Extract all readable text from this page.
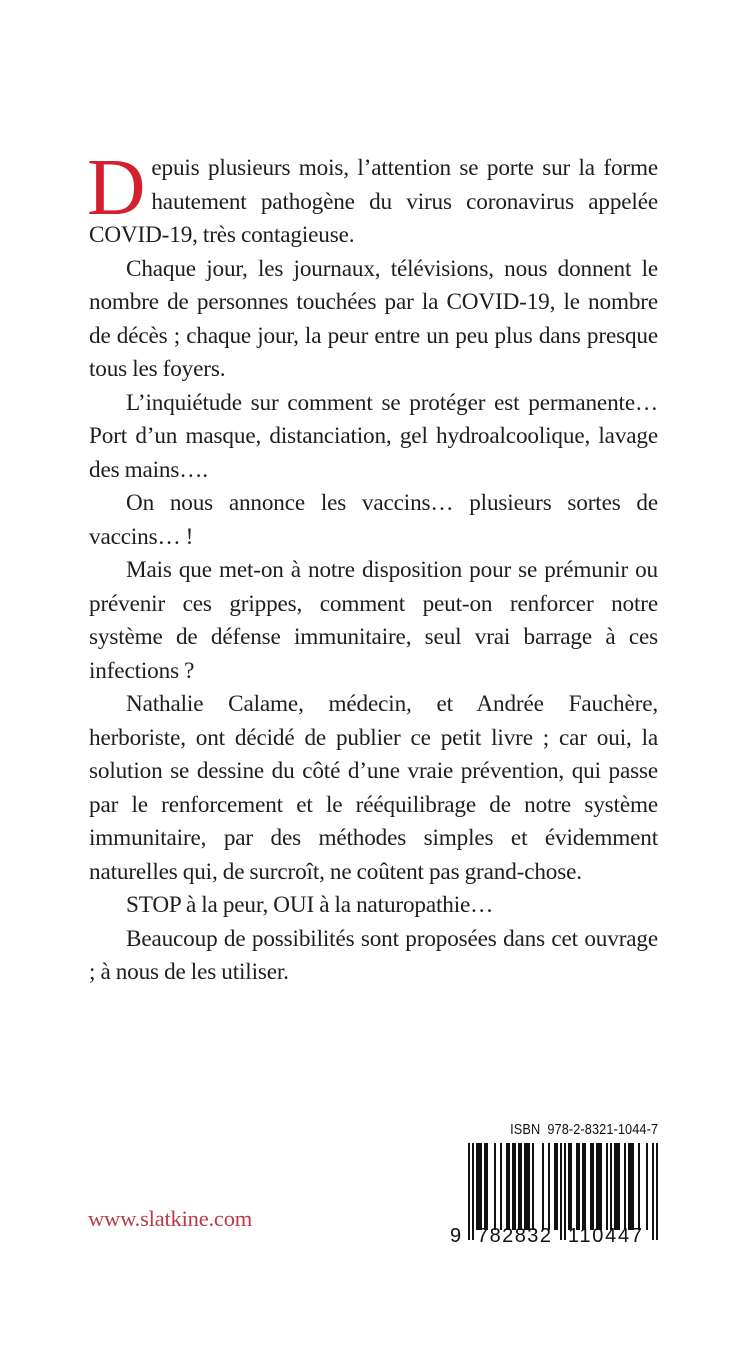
Depuis plusieurs mois, l’attention se porte sur la forme hautement pathogène du virus coronavirus appelée COVID-19, très contagieuse.

Chaque jour, les journaux, télévisions, nous donnent le nombre de personnes touchées par la COVID-19, le nombre de décès ; chaque jour, la peur entre un peu plus dans presque tous les foyers.

L’inquiétude sur comment se protéger est permanente… Port d’un masque, distanciation, gel hydroalcoolique, lavage des mains….

On nous annonce les vaccins… plusieurs sortes de vaccins… !

Mais que met-on à notre disposition pour se prémunir ou prévenir ces grippes, comment peut-on renforcer notre système de défense immunitaire, seul vrai barrage à ces infections ?

Nathalie Calame, médecin, et Andrée Fauchère, herboriste, ont décidé de publier ce petit livre ; car oui, la solution se dessine du côté d’une vraie prévention, qui passe par le renforcement et le rééquilibrage de notre système immunitaire, par des méthodes simples et évidemment naturelles qui, de surcroît, ne coûtent pas grand-chose.

STOP à la peur, OUI à la naturopathie…

Beaucoup de possibilités sont proposées dans cet ouvrage ; à nous de les utiliser.

www.slatkine.com
ISBN 978-2-8321-1044-7
9 782832 110447
